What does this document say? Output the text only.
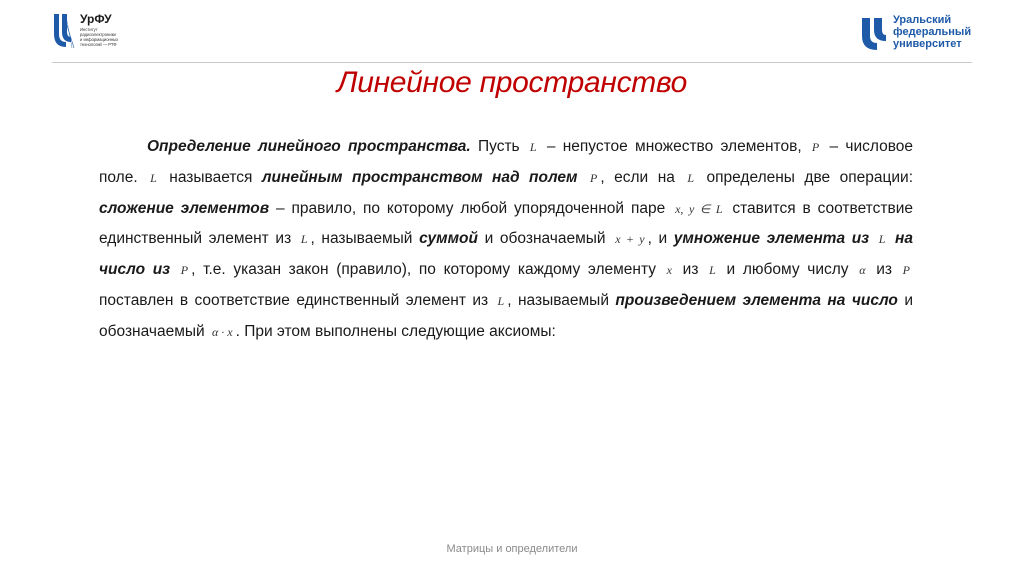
УрФУ
Институт
радиоэлектроники
и информационных
технологий — РТФ
Уральский
федеральный
университет
Линейное пространство
Определение линейного пространства. Пусть L – непустое множество элементов, P – числовое поле. L называется линейным пространством над полем P , если на L определены две операции: сложение элементов – правило, по которому любой упорядоченной паре x, y ∈ L ставится в соответствие единственный элемент из L , называемый суммой и обозначаемый x + y , и умножение элемента из L на число из P , т.е. указан закон (правило), по которому каждому элементу x из L и любому числу α из P поставлен в соответствие единственный элемент из L , называемый произведением элемента на число и обозначаемый α · x . При этом выполнены следующие аксиомы:
Матрицы и определители
